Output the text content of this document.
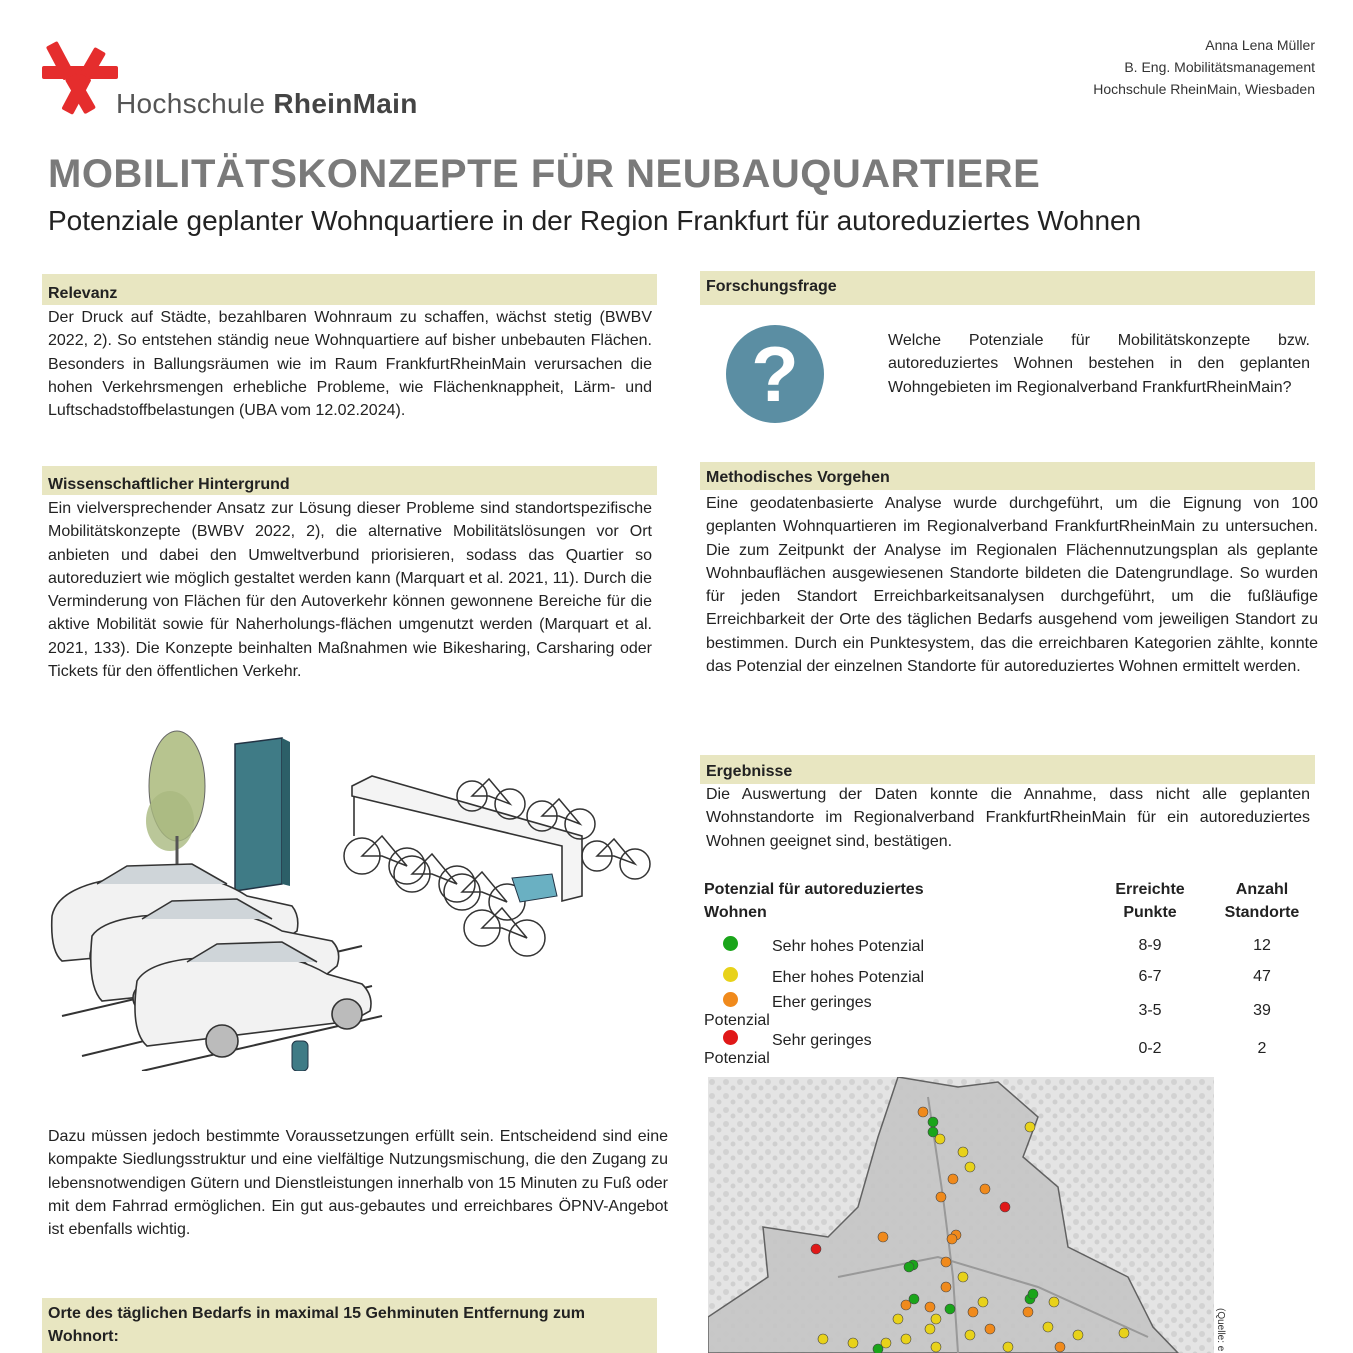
Hochschule RheinMain
Anna Lena Müller
B. Eng. Mobilitätsmanagement
Hochschule RheinMain, Wiesbaden
MOBILITÄTSKONZEPTE FÜR NEUBAUQUARTIERE
Potenziale geplanter Wohnquartiere in der Region Frankfurt für autoreduziertes Wohnen
Relevanz
Der Druck auf Städte, bezahlbaren Wohnraum zu schaffen, wächst stetig (BWBV 2022, 2). So entstehen ständig neue Wohnquartiere auf bisher unbebauten Flächen. Besonders in Ballungsräumen wie im Raum FrankfurtRheinMain verursachen die hohen Verkehrsmengen erhebliche Probleme, wie Flächenknappheit, Lärm- und Luftschadstoffbelastungen (UBA vom 12.02.2024).
Wissenschaftlicher Hintergrund
Ein vielversprechender Ansatz zur Lösung dieser Probleme sind standortspezifische Mobilitätskonzepte (BWBV 2022, 2), die alternative Mobilitätslösungen vor Ort anbieten und dabei den Umweltverbund priorisieren, sodass das Quartier so autoreduziert wie möglich gestaltet werden kann (Marquart et al. 2021, 11). Durch die Verminderung von Flächen für den Autoverkehr können gewonnene Bereiche für die aktive Mobilität sowie für Naherholungs-flächen umgenutzt werden (Marquart et al. 2021, 133). Die Konzepte beinhalten Maßnahmen wie Bikesharing, Carsharing oder Tickets für den öffentlichen Verkehr.
Dazu müssen jedoch bestimmte Voraussetzungen erfüllt sein. Entscheidend sind eine kompakte Siedlungsstruktur und eine vielfältige Nutzungsmischung, die den Zugang zu lebensnotwendigen Gütern und Dienstleistungen innerhalb von 15 Minuten zu Fuß oder mit dem Fahrrad ermöglichen. Ein gut aus-gebautes und erreichbares ÖPNV-Angebot ist ebenfalls wichtig.
Orte des täglichen Bedarfs in maximal 15 Gehminuten Entfernung zum Wohnort:
Forschungsfrage
?	Welche Potenziale für Mobilitätskonzepte bzw. autoreduziertes Wohnen bestehen in den geplanten Wohngebieten im Regionalverband FrankfurtRheinMain?
Methodisches Vorgehen
Eine geodatenbasierte Analyse wurde durchgeführt, um die Eignung von 100 geplanten Wohnquartieren im Regionalverband FrankfurtRheinMain zu untersuchen. Die zum Zeitpunkt der Analyse im Regionalen Flächennutzungsplan als geplante Wohnbauflächen ausgewiesenen Standorte bildeten die Datengrundlage. So wurden für jeden Standort Erreichbarkeitsanalysen durchgeführt, um die fußläufige Erreichbarkeit der Orte des täglichen Bedarfs ausgehend vom jeweiligen Standort zu bestimmen. Durch ein Punktesystem, das die erreichbaren Kategorien zählte, konnte das Potenzial der einzelnen Standorte für autoreduziertes Wohnen ermittelt werden.
Ergebnisse
Die Auswertung der Daten konnte die Annahme, dass nicht alle geplanten Wohnstandorte im Regionalverband FrankfurtRheinMain für ein autoreduziertes Wohnen geeignet sind, bestätigen.
Potenzial für autoreduziertes Wohnen	Erreichte Punkte	Anzahl Standorte
Sehr hohes Potenzial	8-9	12
Eher hohes Potenzial	6-7	47
Eher geringes Potenzial	3-5	39
Sehr geringes Potenzial	0-2	2
(Quelle: e
